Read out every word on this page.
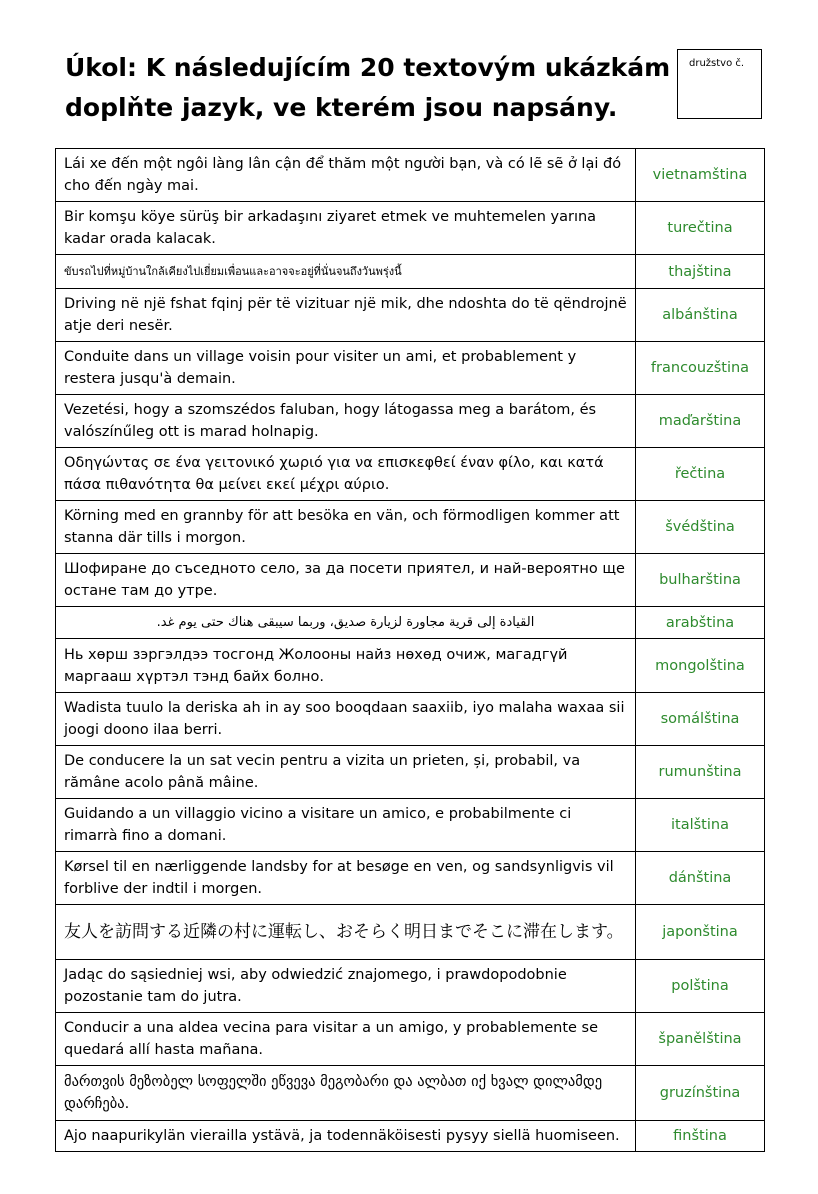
Úkol: K následujícím 20 textovým ukázkám
doplňte jazyk, ve kterém jsou napsány.
družstvo č.
Lái xe đến một ngôi làng lân cận để thăm một người bạn, và có lẽ sẽ ở lại đó cho đến ngày mai.	vietnamština
Bir komşu köye sürüş bir arkadaşını ziyaret etmek ve muhtemelen yarına kadar orada kalacak.	turečtina
ขับรถไปที่หมู่บ้านใกล้เคียงไปเยี่ยมเพื่อนและอาจจะอยู่ที่นั่นจนถึงวันพรุ่งนี้	thajština
Driving në një fshat fqinj për të vizituar një mik, dhe ndoshta do të qëndrojnë atje deri nesër.	albánština
Conduite dans un village voisin pour visiter un ami, et probablement y restera jusqu'à demain.	francouzština
Vezetési, hogy a szomszédos faluban, hogy látogassa meg a barátom, és valószínűleg ott is marad holnapig.	maďarština
Οδηγώντας σε ένα γειτονικό χωριό για να επισκεφθεί έναν φίλο, και κατά πάσα πιθανότητα θα μείνει εκεί μέχρι αύριο.	řečtina
Körning med en grannby för att besöka en vän, och förmodligen kommer att stanna där tills i morgon.	švédština
Шофиране до съседното село, за да посети приятел, и най-вероятно ще остане там до утре.	bulharština
القيادة إلى قرية مجاورة لزيارة صديق، وربما سيبقى هناك حتى يوم غد.	arabština
Нь хөрш зэргэлдээ тосгонд Жолооны найз нөхөд очиж, магадгүй маргааш хүртэл тэнд байх болно.	mongolština
Wadista tuulo la deriska ah in ay soo booqdaan saaxiib, iyo malaha waxaa sii joogi doono ilaa berri.	somálština
De conducere la un sat vecin pentru a vizita un prieten, și, probabil, va rămâne acolo până mâine.	rumunština
Guidando a un villaggio vicino a visitare un amico, e probabilmente ci rimarrà fino a domani.	italština
Kørsel til en nærliggende landsby for at besøge en ven, og sandsynligvis vil forblive der indtil i morgen.	dánština
友人を訪問する近隣の村に運転し、おそらく明日までそこに滞在します。	japonština
Jadąc do sąsiedniej wsi, aby odwiedzić znajomego, i prawdopodobnie pozostanie tam do jutra.	polština
Conducir a una aldea vecina para visitar a un amigo, y probablemente se quedará allí hasta mañana.	španělština
მართვის მეზობელ სოფელში ეწვევა მეგობარი და ალბათ იქ ხვალ დილამდე დარჩება.	gruzínština
Ajo naapurikylän vierailla ystävä, ja todennäköisesti pysyy siellä huomiseen.	finština
